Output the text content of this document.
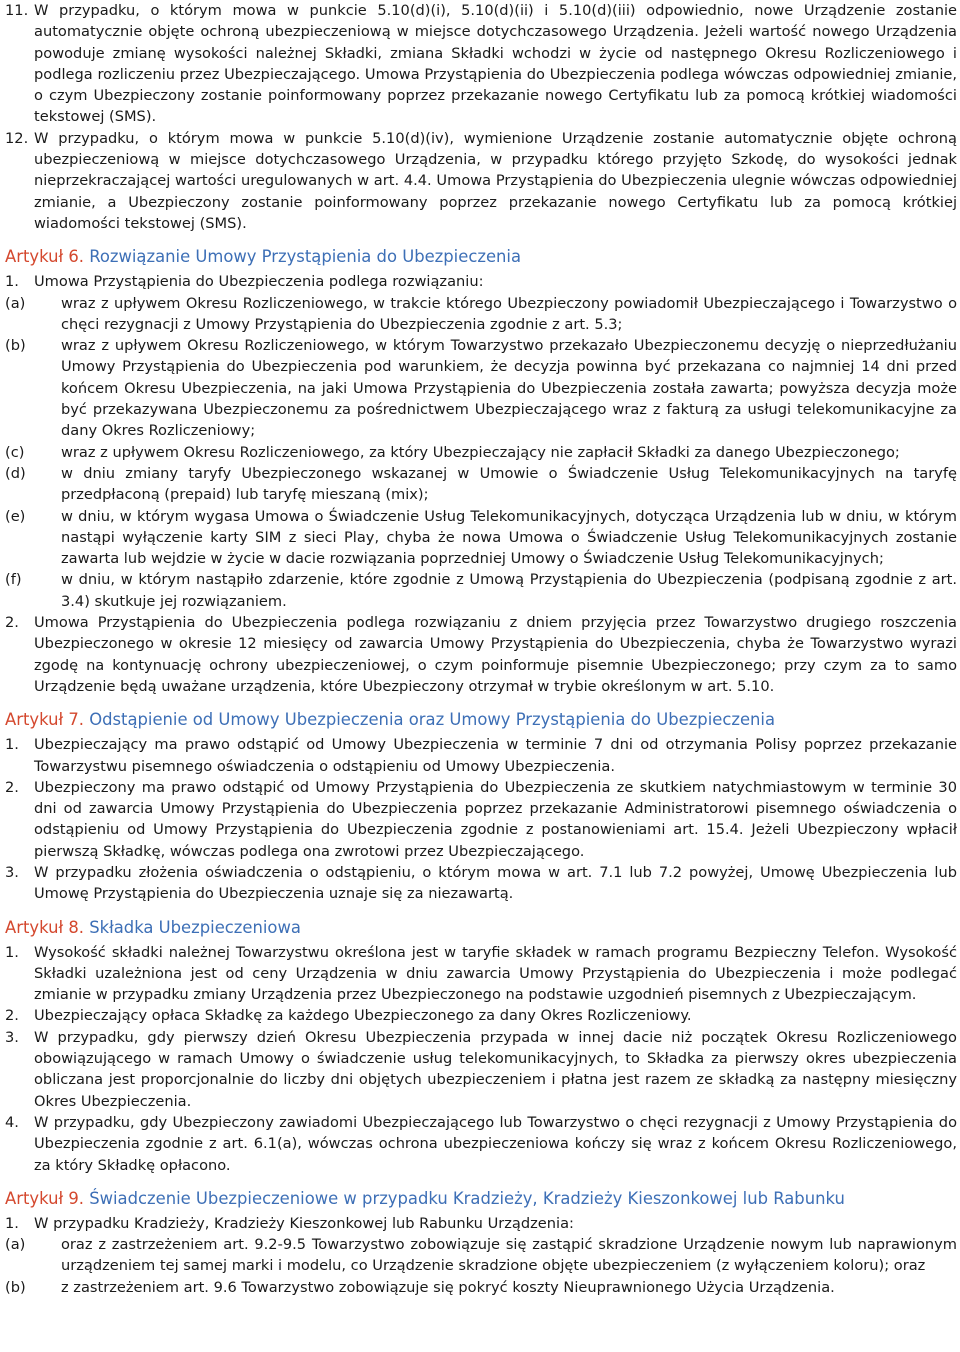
11. W przypadku, o którym mowa w punkcie 5.10(d)(i), 5.10(d)(ii) i 5.10(d)(iii) odpowiednio, nowe Urządzenie zostanie automatycznie objęte ochroną ubezpieczeniową w miejsce dotychczasowego Urządzenia. Jeżeli wartość nowego Urządzenia powoduje zmianę wysokości należnej Składki, zmiana Składki wchodzi w życie od następnego Okresu Rozliczeniowego i podlega rozliczeniu przez Ubezpieczającego. Umowa Przystąpienia do Ubezpieczenia podlega wówczas odpowiedniej zmianie, o czym Ubezpieczony zostanie poinformowany poprzez przekazanie nowego Certyfikatu lub za pomocą krótkiej wiadomości tekstowej (SMS).
12. W przypadku, o którym mowa w punkcie 5.10(d)(iv), wymienione Urządzenie zostanie automatycznie objęte ochroną ubezpieczeniową w miejsce dotychczasowego Urządzenia, w przypadku którego przyjęto Szkodę, do wysokości jednak nieprzekraczającej wartości uregulowanych w art. 4.4. Umowa Przystąpienia do Ubezpieczenia ulegnie wówczas odpowiedniej zmianie, a Ubezpieczony zostanie poinformowany poprzez przekazanie nowego Certyfikatu lub za pomocą krótkiej wiadomości tekstowej (SMS).
Artykuł 6. Rozwiązanie Umowy Przystąpienia do Ubezpieczenia
1.	Umowa Przystąpienia do Ubezpieczenia podlega rozwiązaniu:
(a)	wraz z upływem Okresu Rozliczeniowego, w trakcie którego Ubezpieczony powiadomił Ubezpieczającego i Towarzystwo o chęci rezygnacji z Umowy Przystąpienia do Ubezpieczenia zgodnie z art. 5.3;
(b)	wraz z upływem Okresu Rozliczeniowego, w którym Towarzystwo przekazało Ubezpieczonemu decyzję o nieprzedłużaniu Umowy Przystąpienia do Ubezpieczenia pod warunkiem, że decyzja powinna być przekazana co najmniej 14 dni przed końcem Okresu Ubezpieczenia, na jaki Umowa Przystąpienia do Ubezpieczenia została zawarta; powyższa decyzja może być przekazywana Ubezpieczonemu za pośrednictwem Ubezpieczającego wraz z fakturą za usługi telekomunikacyjne za dany Okres Rozliczeniowy;
(c)	wraz z upływem Okresu Rozliczeniowego, za który Ubezpieczający nie zapłacił Składki za danego Ubezpieczonego;
(d)	w dniu zmiany taryfy Ubezpieczonego wskazanej w Umowie o Świadczenie Usług Telekomunikacyjnych na taryfę przedpłaconą (prepaid) lub taryfę mieszaną (mix);
(e)	w dniu, w którym wygasa Umowa o Świadczenie Usług Telekomunikacyjnych, dotycząca Urządzenia lub w dniu, w którym nastąpi wyłączenie karty SIM z sieci Play, chyba że nowa Umowa o Świadczenie Usług Telekomunikacyjnych zostanie zawarta lub wejdzie w życie w dacie rozwiązania poprzedniej Umowy o Świadczenie Usług Telekomunikacyjnych;
(f)	w dniu, w którym nastąpiło zdarzenie, które zgodnie z Umową Przystąpienia do Ubezpieczenia (podpisaną zgodnie z art. 3.4) skutkuje jej rozwiązaniem.
2.	Umowa Przystąpienia do Ubezpieczenia podlega rozwiązaniu z dniem przyjęcia przez Towarzystwo drugiego roszczenia Ubezpieczonego w okresie 12 miesięcy od zawarcia Umowy Przystąpienia do Ubezpieczenia, chyba że Towarzystwo wyrazi zgodę na kontynuację ochrony ubezpieczeniowej, o czym poinformuje pisemnie Ubezpieczonego; przy czym za to samo Urządzenie będą uważane urządzenia, które Ubezpieczony otrzymał w trybie określonym w art. 5.10.
Artykuł 7. Odstąpienie od Umowy Ubezpieczenia oraz Umowy Przystąpienia do Ubezpieczenia
1.	Ubezpieczający ma prawo odstąpić od Umowy Ubezpieczenia w terminie 7 dni od otrzymania Polisy poprzez przekazanie Towarzystwu pisemnego oświadczenia o odstąpieniu od Umowy Ubezpieczenia.
2.	Ubezpieczony ma prawo odstąpić od Umowy Przystąpienia do Ubezpieczenia ze skutkiem natychmiastowym w terminie 30 dni od zawarcia Umowy Przystąpienia do Ubezpieczenia poprzez przekazanie Administratorowi pisemnego oświadczenia o odstąpieniu od Umowy Przystąpienia do Ubezpieczenia zgodnie z postanowieniami art. 15.4. Jeżeli Ubezpieczony wpłacił pierwszą Składkę, wówczas podlega ona zwrotowi przez Ubezpieczającego.
3.	W przypadku złożenia oświadczenia o odstąpieniu, o którym mowa w art. 7.1 lub 7.2 powyżej, Umowę Ubezpieczenia lub Umowę Przystąpienia do Ubezpieczenia uznaje się za niezawartą.
Artykuł 8. Składka Ubezpieczeniowa
1.	Wysokość składki należnej Towarzystwu określona jest w taryfie składek w ramach programu Bezpieczny Telefon. Wysokość Składki uzależniona jest od ceny Urządzenia w dniu zawarcia Umowy Przystąpienia do Ubezpieczenia i może podlegać zmianie w przypadku zmiany Urządzenia przez Ubezpieczonego na podstawie uzgodnień pisemnych z Ubezpieczającym.
2.	Ubezpieczający opłaca Składkę za każdego Ubezpieczonego za dany Okres Rozliczeniowy.
3.	W przypadku, gdy pierwszy dzień Okresu Ubezpieczenia przypada w innej dacie niż początek Okresu Rozliczeniowego obowiązującego w ramach Umowy o świadczenie usług telekomunikacyjnych, to Składka za pierwszy okres ubezpieczenia obliczana jest proporcjonalnie do liczby dni objętych ubezpieczeniem i płatna jest razem ze składką za następny miesięczny Okres Ubezpieczenia.
4.	W przypadku, gdy Ubezpieczony zawiadomi Ubezpieczającego lub Towarzystwo o chęci rezygnacji z Umowy Przystąpienia do Ubezpieczenia zgodnie z art. 6.1(a), wówczas ochrona ubezpieczeniowa kończy się wraz z końcem Okresu Rozliczeniowego, za który Składkę opłacono.
Artykuł 9. Świadczenie Ubezpieczeniowe w przypadku Kradzieży, Kradzieży Kieszonkowej lub Rabunku
1.	W przypadku Kradzieży, Kradzieży Kieszonkowej lub Rabunku Urządzenia:
(a)	oraz z zastrzeżeniem art. 9.2-9.5 Towarzystwo zobowiązuje się zastąpić skradzione Urządzenie nowym lub naprawionym urządzeniem tej samej marki i modelu, co Urządzenie skradzione objęte ubezpieczeniem (z wyłączeniem koloru); oraz
(b)	z zastrzeżeniem art. 9.6 Towarzystwo zobowiązuje się pokryć koszty Nieuprawnionego Użycia Urządzenia.
